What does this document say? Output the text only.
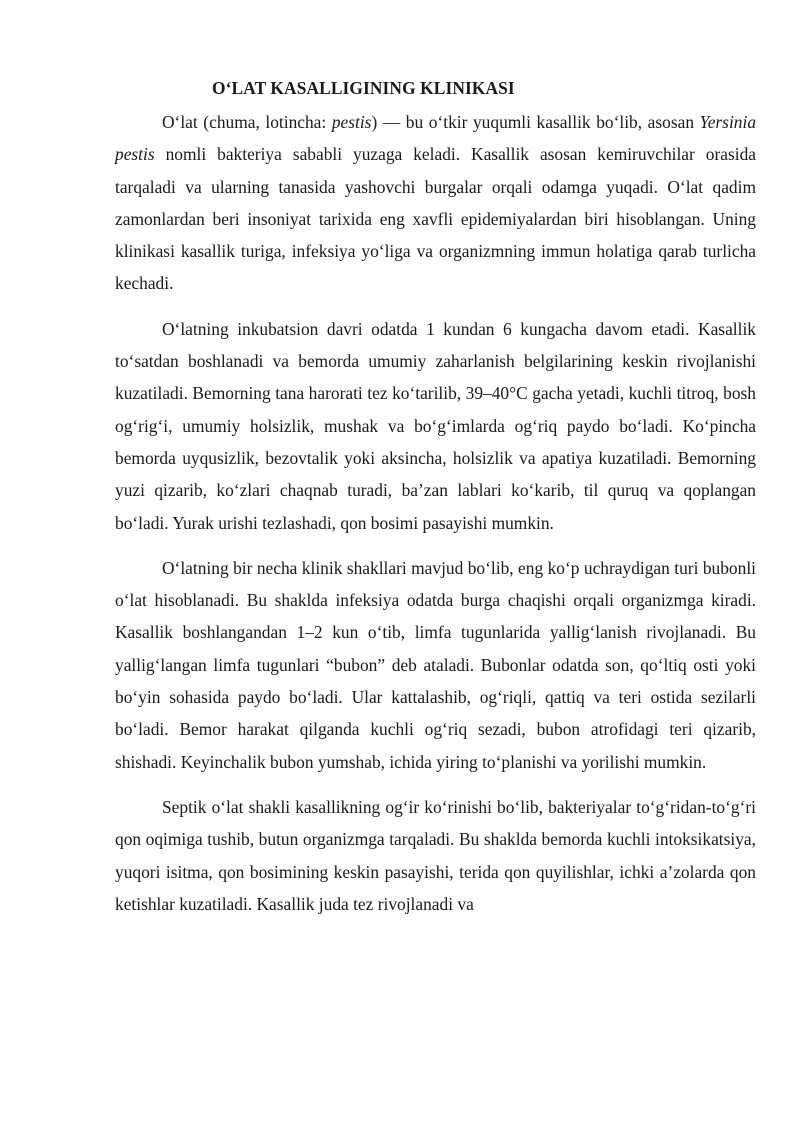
O‘LAT KASALLIGINING KLINIKASI

O‘lat (chuma, lotincha: pestis) — bu o‘tkir yuqumli kasallik bo‘lib, asosan Yersinia pestis nomli bakteriya sababli yuzaga keladi. Kasallik asosan kemiruvchilar orasida tarqaladi va ularning tanasida yashovchi burgalar orqali odamga yuqadi. O‘lat qadim zamonlardan beri insoniyat tarixida eng xavfli epidemiyalardan biri hisoblangan. Uning klinikasi kasallik turiga, infeksiya yo‘liga va organizmning immun holatiga qarab turlicha kechadi.

O‘latning inkubatsion davri odatda 1 kundan 6 kungacha davom etadi. Kasallik to‘satdan boshlanadi va bemorda umumiy zaharlanish belgilarining keskin rivojlanishi kuzatiladi. Bemorning tana harorati tez ko‘tarilib, 39–40°C gacha yetadi, kuchli titroq, bosh og‘rig‘i, umumiy holsizlik, mushak va bo‘g‘imlarda og‘riq paydo bo‘ladi. Ko‘pincha bemorda uyqusizlik, bezovtalik yoki aksincha, holsizlik va apatiya kuzatiladi. Bemorning yuzi qizarib, ko‘zlari chaqnab turadi, ba’zan lablari ko‘karib, til quruq va qoplangan bo‘ladi. Yurak urishi tezlashadi, qon bosimi pasayishi mumkin.

O‘latning bir necha klinik shakllari mavjud bo‘lib, eng ko‘p uchraydigan turi bubonli o‘lat hisoblanadi. Bu shaklda infeksiya odatda burga chaqishi orqali organizmga kiradi. Kasallik boshlangandan 1–2 kun o‘tib, limfa tugunlarida yallig‘lanish rivojlanadi. Bu yallig‘langan limfa tugunlari “bubon” deb ataladi. Bubonlar odatda son, qo‘ltiq osti yoki bo‘yin sohasida paydo bo‘ladi. Ular kattalashib, og‘riqli, qattiq va teri ostida sezilarli bo‘ladi. Bemor harakat qilganda kuchli og‘riq sezadi, bubon atrofidagi teri qizarib, shishadi. Keyinchalik bubon yumshab, ichida yiring to‘planishi va yorilishi mumkin.

Septik o‘lat shakli kasallikning og‘ir ko‘rinishi bo‘lib, bakteriyalar to‘g‘ridan-to‘g‘ri qon oqimiga tushib, butun organizmga tarqaladi. Bu shaklda bemorda kuchli intoksikatsiya, yuqori isitma, qon bosimining keskin pasayishi, terida qon quyilishlar, ichki a’zolarda qon ketishlar kuzatiladi. Kasallik juda tez rivojlanadi va
